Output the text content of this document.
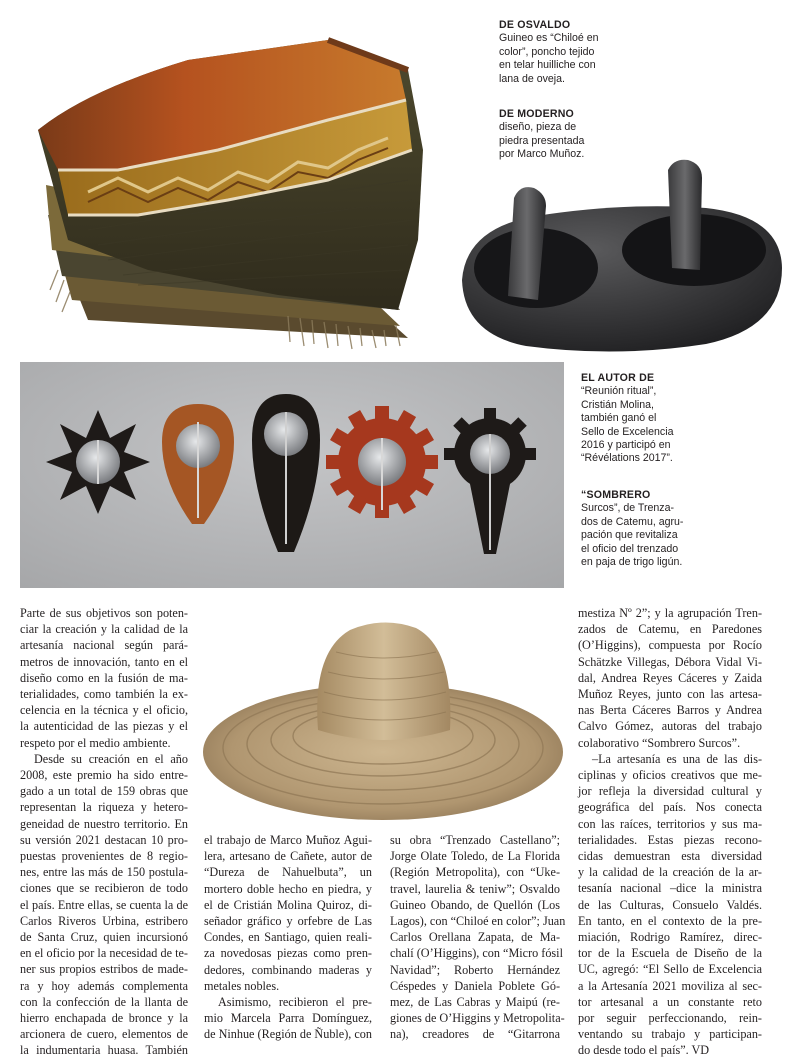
DE OSVALDO

Guineo es “Chiloé en

color”, poncho tejido

en telar huilliche con

lana de oveja.

DE MODERNO

diseño, pieza de

piedra presentada

por Marco Muñoz.

EL AUTOR DE

“Reunión ritual”,

Cristián Molina,

también ganó el

Sello de Excelencia

2016 y participó en

“Révélations 2017”.

“SOMBRERO

Surcos”, de Trenza-

dos de Catemu, agru-

pación que revitaliza

el oficio del trenzado

en paja de trigo ligún.

Parte de sus objetivos son poten-
ciar la creación y la calidad de la
artesanía nacional según pará-
metros de innovación, tanto en el
diseño como en la fusión de ma-
terialidades, como también la ex-
celencia en la técnica y el oficio,
la autenticidad de las piezas y el
respeto por el medio ambiente.
Desde su creación en el año
2008, este premio ha sido entre-
gado a un total de 159 obras que
representan la riqueza y hetero-
geneidad de nuestro territorio. En
su versión 2021 destacan 10 pro-
puestas provenientes de 8 regio-
nes, entre las más de 150 postula-
ciones que se recibieron de todo
el país. Entre ellas, se cuenta la de
Carlos Riveros Urbina, estribero
de Santa Cruz, quien incursionó
en el oficio por la necesidad de te-
ner sus propios estribos de made-
ra y hoy además complementa
con la confección de la llanta de
hierro enchapada de bronce y la
arcionera de cuero, elementos de
la indumentaria huasa. También
el trabajo de Marco Muñoz Agui-
lera, artesano de Cañete, autor de
“Dureza de Nahuelbuta”, un
mortero doble hecho en piedra, y
el de Cristián Molina Quiroz, di-
señador gráfico y orfebre de Las
Condes, en Santiago, quien reali-
za novedosas piezas como pren-
dedores, combinando maderas y
metales nobles.
Asimismo, recibieron el pre-
mio Marcela Parra Domínguez,
de Ninhue (Región de Ñuble), con
su obra “Trenzado Castellano”;
Jorge Olate Toledo, de La Florida
(Región Metropolita), con “Uke-
travel, laurelia & teniw”; Osvaldo
Guineo Obando, de Quellón (Los
Lagos), con “Chiloé en color”; Juan
Carlos Orellana Zapata, de Ma-
chalí (O’Higgins), con “Micro fósil
Navidad”; Roberto Hernández
Céspedes y Daniela Poblete Gó-
mez, de Las Cabras y Maipú (re-
giones de O’Higgins y Metropolita-
na), creadores de “Gitarrona
mestiza Nº 2”; y la agrupación Tren-
zados de Catemu, en Paredones
(O’Higgins), compuesta por Rocío
Schätzke Villegas, Débora Vidal Vi-
dal, Andrea Reyes Cáceres y Zaida
Muñoz Reyes, junto con las artesa-
nas Berta Cáceres Barros y Andrea
Calvo Gómez, autoras del trabajo
colaborativo “Sombrero Surcos”.
–La artesanía es una de las dis-
ciplinas y oficios creativos que me-
jor refleja la diversidad cultural y
geográfica del país. Nos conecta
con las raíces, territorios y sus ma-
terialidades. Estas piezas recono-
cidas demuestran esta diversidad
y la calidad de la creación de la ar-
tesanía nacional –dice la ministra
de las Culturas, Consuelo Valdés.
En tanto, en el contexto de la pre-
miación, Rodrigo Ramírez, direc-
tor de la Escuela de Diseño de la
UC, agregó: “El Sello de Excelencia
a la Artesanía 2021 moviliza al sec-
tor artesanal a un constante reto
por seguir perfeccionando, rein-
ventando su trabajo y participan-
do desde todo el país”. VD
